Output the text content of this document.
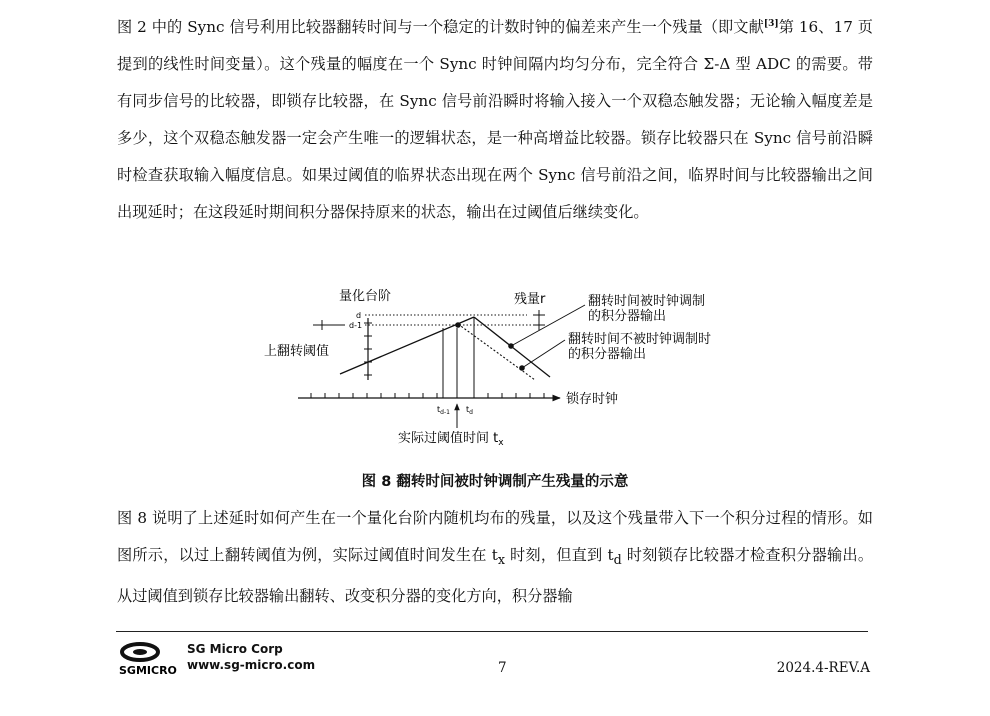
图 2 中的 Sync 信号利用比较器翻转时间与一个稳定的计数时钟的偏差来产生一个残量（即文献[3]第 16、17 页提到的线性时间变量）。这个残量的幅度在一个 Sync 时钟间隔内均匀分布，完全符合 Σ-Δ 型 ADC 的需要。带有同步信号的比较器，即锁存比较器，在 Sync 信号前沿瞬时将输入接入一个双稳态触发器；无论输入幅度差是多少，这个双稳态触发器一定会产生唯一的逻辑状态，是一种高增益比较器。锁存比较器只在 Sync 信号前沿瞬时检查获取输入幅度信息。如果过阈值的临界状态出现在两个 Sync 信号前沿之间，临界时间与比较器输出之间出现延时；在这段延时期间积分器保持原来的状态，输出在过阈值后继续变化。

量化台阶
d
d-1
上翻转阈值
残量r	翻转时间被时钟调制
的积分器输出
翻转时间不被时钟调制时
的积分器输出
锁存时钟
$t_{d-1}$ $t_d$
实际过阈值时间 $t_x$
图 8 翻转时间被时钟调制产生残量的示意

图 8 说明了上述延时如何产生在一个量化台阶内随机均布的残量，以及这个残量带入下一个积分过程的情形。如图所示，以过上翻转阈值为例，实际过阈值时间发生在 $t_x$ 时刻，但直到 $t_d$ 时刻锁存比较器才检查积分器输出。从过阈值到锁存比较器输出翻转、改变积分器的变化方向，积分器输

SGMICRO
SG Micro Corp
www.sg-micro.com	7	2024.4-REV.A
